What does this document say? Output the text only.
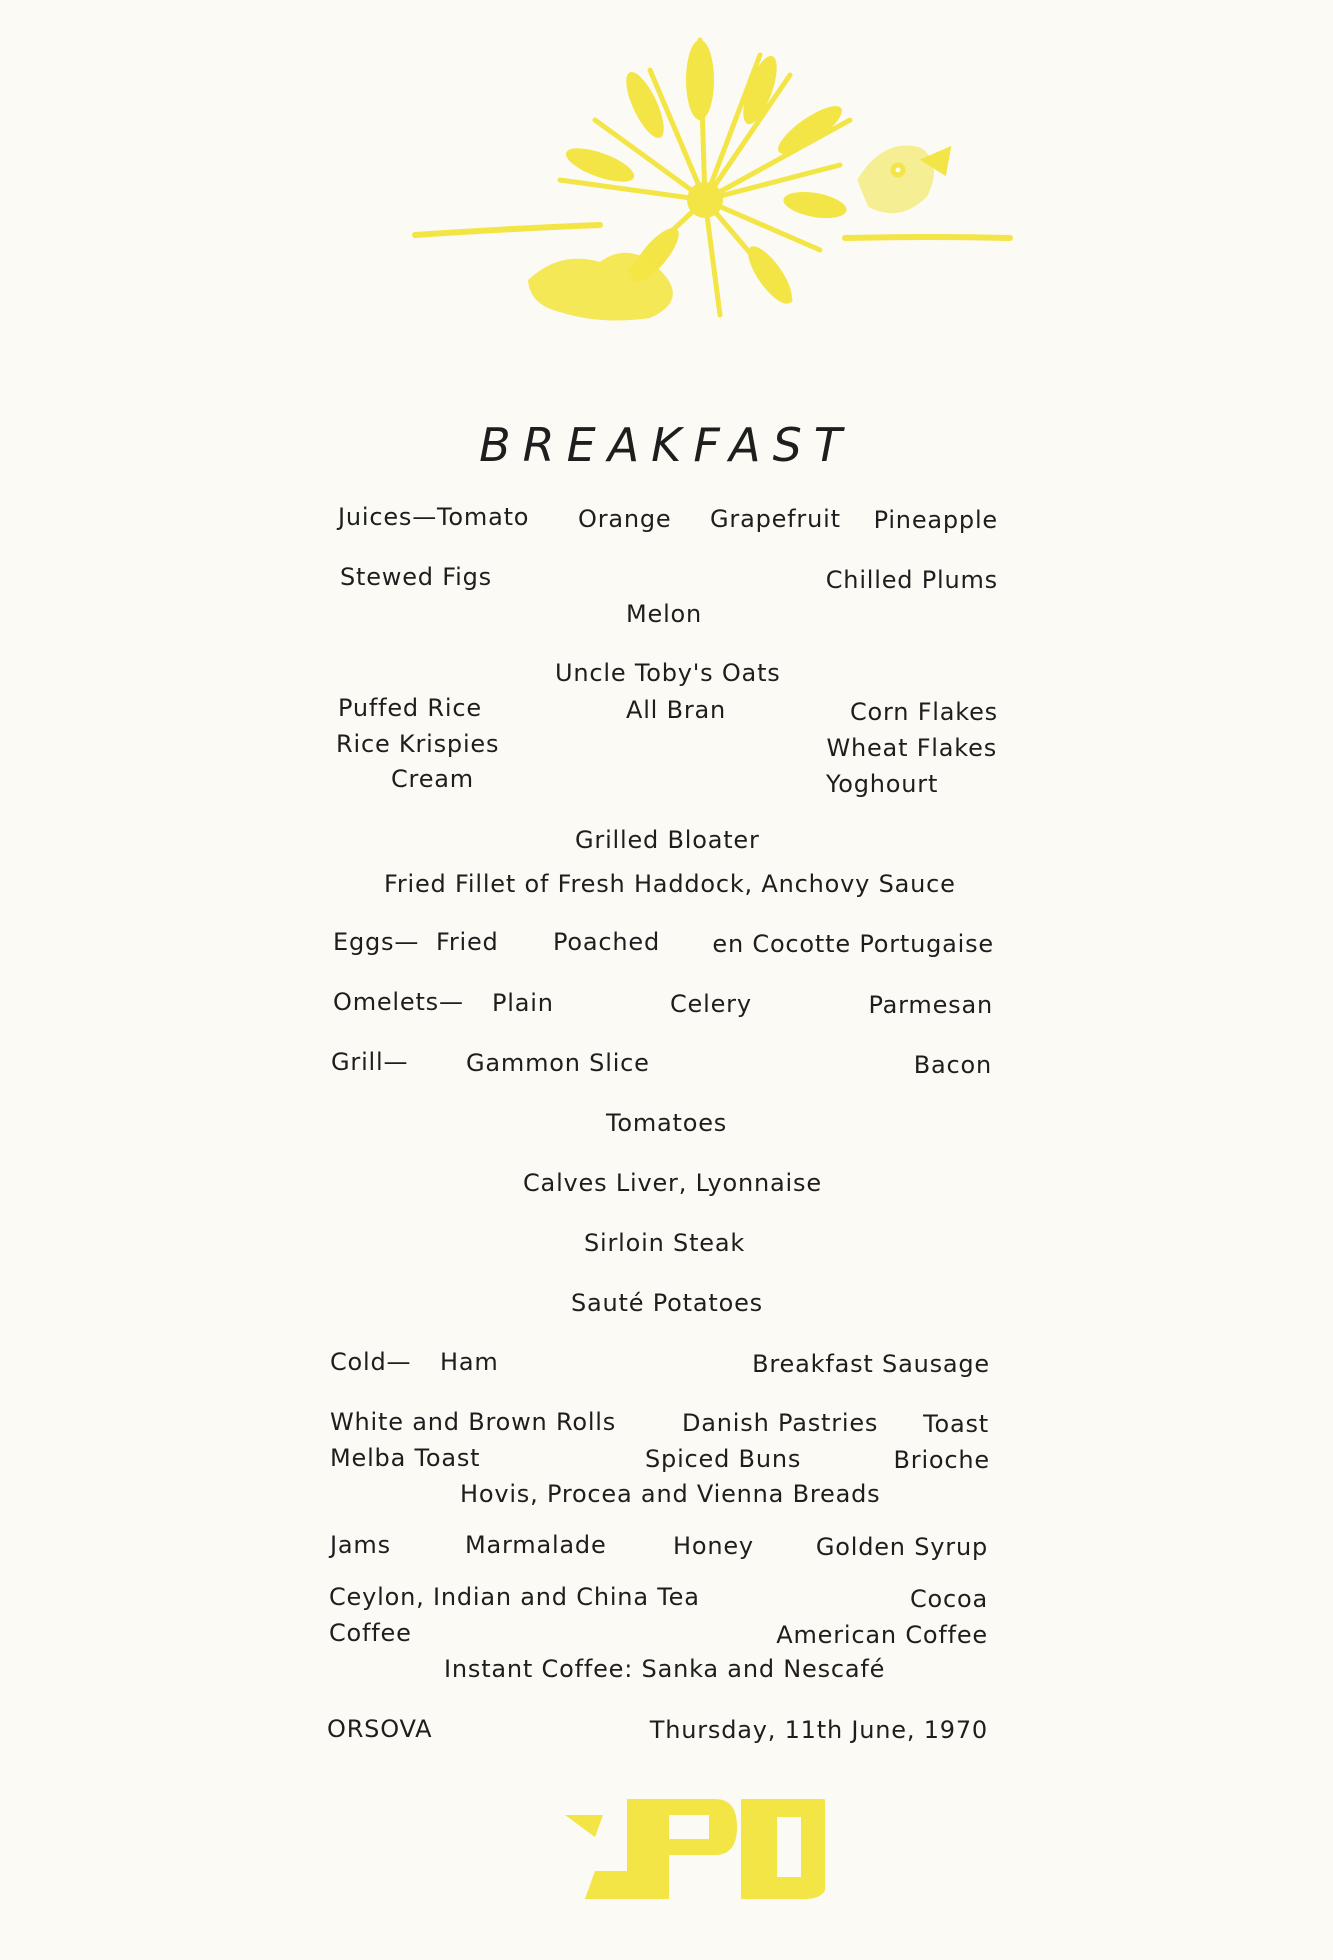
BREAKFAST
Juices—Tomato Orange Grapefruit Pineapple
Stewed Figs	Chilled Plums
Melon
Uncle Toby's Oats
All Bran
Puffed Rice
Rice Krispies
Cream
Corn Flakes
Wheat Flakes
Yoghourt
Grilled Bloater
Fried Fillet of Fresh Haddock, Anchovy Sauce
Eggs— Fried Poached en Cocotte Portugaise
Omelets— Plain	Celery	Parmesan
Grill— Gammon Slice	Bacon
Tomatoes
Calves Liver, Lyonnaise
Sirloin Steak
Sauté Potatoes
Cold— Ham	Breakfast Sausage
White and Brown Rolls	Danish Pastries Toast
Melba Toast	Spiced Buns	Brioche
Hovis, Procea and Vienna Breads
Jams	Marmalade	Honey	Golden Syrup
Ceylon, Indian and China Tea	Cocoa
Coffee	American Coffee
Instant Coffee: Sanka and Nescafé
ORSOVA	Thursday, 11th June, 1970
P&O
